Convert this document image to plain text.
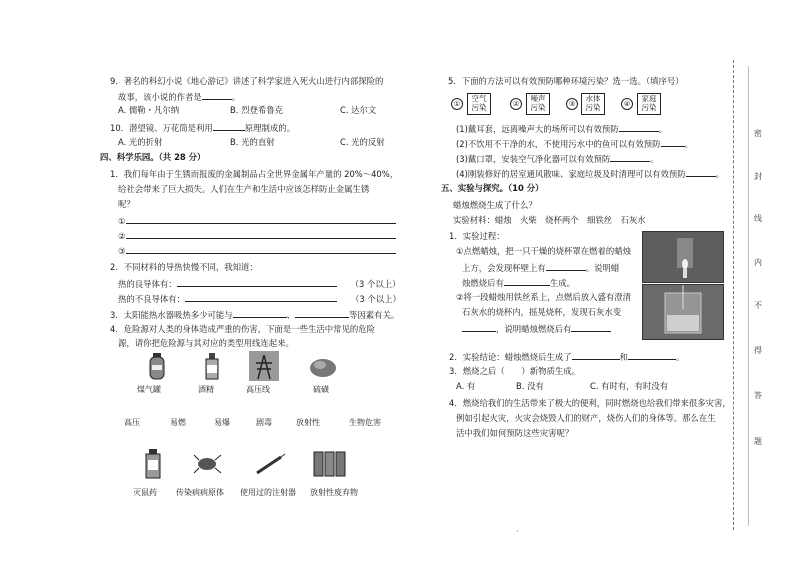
9．著名的科幻小说《地心游记》讲述了科学家进入死火山进行内部探险的
故事，该小说的作者是	。
A. 儒勒・凡尔纳	B. 烈登希鲁克	C. 达尔文
10．潜望镜、万花筒是利用	原理制成的。
A. 光的折射	B. 光的直射	C. 光的反射
四、科学乐园。（共 28 分）
1．我们每年由于生锈而报废的金属制品占全世界金属年产量的 20%～40%，
给社会带来了巨大损失。人们在生产和生活中应该怎样防止金属生锈
呢？
①
②
③
2．不同材料的导热快慢不同，我知道：
热的良导体有：	（3 个以上）
热的不良导体有：	（3 个以上）
3．太阳能热水器吸热多少可能与	、	等因素有关。
4．危险源对人类的身体造成严重的伤害，下面是一些生活中常见的危险
源，请你把危险源与其对应的类型用线连起来。
煤气罐	酒精	高压线	硫磺
高压	易燃	易爆	剧毒	放射性	生物危害
灭鼠药 传染病病原体 使用过的注射器 放射性废弃物
5．下面的方法可以有效预防哪种环境污染？选一选。（填序号）
①
空气
污染	②
噪声
污染	③
水体
污染	④
家庭
污染
(1)戴耳套，远离噪声大的场所可以有效预防	。
(2)不饮用不干净的水，不使用污水中的鱼可以有效预防	。
(3)戴口罩，安装空气净化器可以有效预防	。
(4)刚装修好的居室通风散味、家庭垃圾及时清理可以有效预防	。
五、实验与探究。（10 分）
蜡烛燃烧生成了什么？
实验材料：蜡烛　火柴　烧杯两个　细铁丝　石灰水
1．实验过程：
①点燃蜡烛，把一只干燥的烧杯罩在燃着的蜡烛
上方，会发现杯壁上有	。说明蜡
烛燃烧后有	生成。
②将一段蜡烛用铁丝系上，点燃后放入盛有澄清
石灰水的烧杯内，摇晃烧杯，发现石灰水变
，说明蜡烛燃烧后有
2．实验结论：蜡烛燃烧后生成了	和	。
3．燃烧之后（　　）新物质生成。
A. 有	B. 没有	C. 有时有，有时没有
4．燃烧给我们的生活带来了极大的便利，同时燃烧也给我们带来很多灾害，
例如引起火灾，火灾会烧毁人们的财产，烧伤人们的身体等。那么在生
活中我们如何预防这些灾害呢？
密
封
线
内
不
得
答
题
·
